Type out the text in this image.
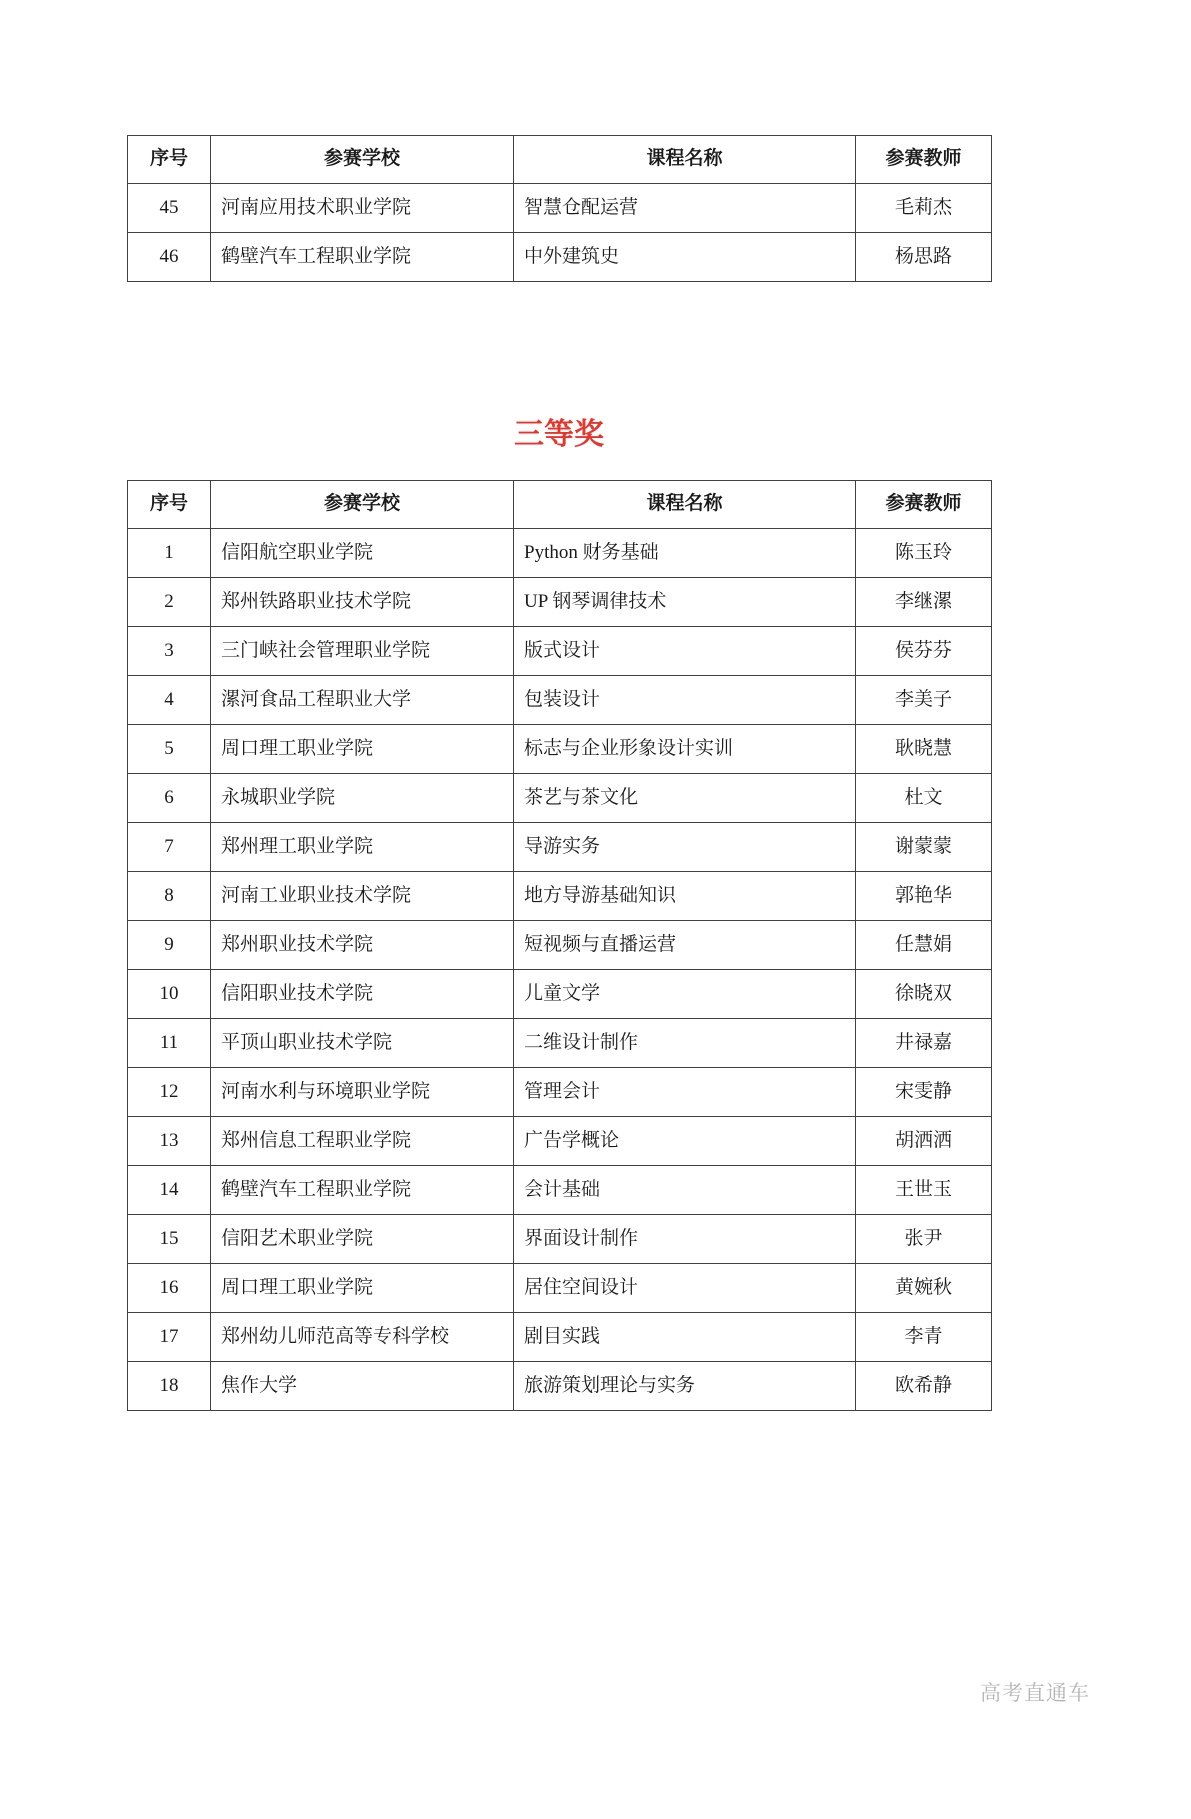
序号	参赛学校	课程名称	参赛教师
45	河南应用技术职业学院	智慧仓配运营	毛莉杰
46	鹤壁汽车工程职业学院	中外建筑史	杨思路
三等奖
序号	参赛学校	课程名称	参赛教师
1	信阳航空职业学院	Python 财务基础	陈玉玲
2	郑州铁路职业技术学院	UP 钢琴调律技术	李继漯
3	三门峡社会管理职业学院	版式设计	侯芬芬
4	漯河食品工程职业大学	包装设计	李美子
5	周口理工职业学院	标志与企业形象设计实训	耿晓慧
6	永城职业学院	茶艺与茶文化	杜文
7	郑州理工职业学院	导游实务	谢蒙蒙
8	河南工业职业技术学院	地方导游基础知识	郭艳华
9	郑州职业技术学院	短视频与直播运营	任慧娟
10	信阳职业技术学院	儿童文学	徐晓双
11	平顶山职业技术学院	二维设计制作	井禄嘉
12	河南水利与环境职业学院	管理会计	宋雯静
13	郑州信息工程职业学院	广告学概论	胡洒洒
14	鹤壁汽车工程职业学院	会计基础	王世玉
15	信阳艺术职业学院	界面设计制作	张尹
16	周口理工职业学院	居住空间设计	黄婉秋
17	郑州幼儿师范高等专科学校	剧目实践	李青
18	焦作大学	旅游策划理论与实务	欧希静
高考直通车
